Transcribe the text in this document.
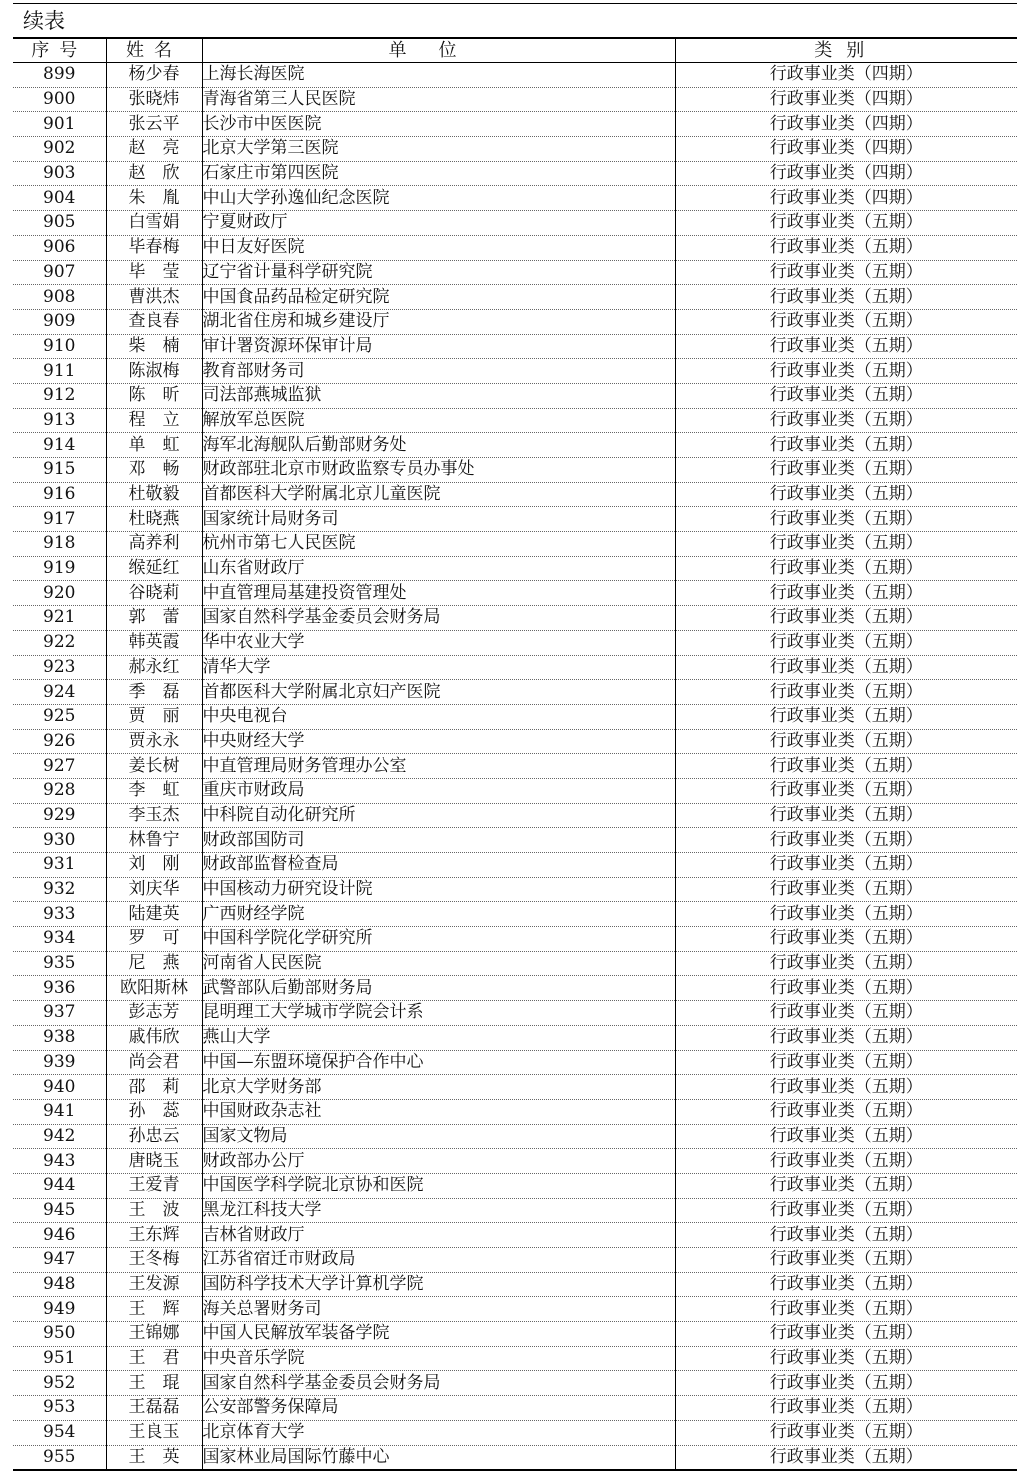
续表
序号	姓名	单位	类别
899	杨少春	上海长海医院	行政事业类（四期）
900	张晓炜	青海省第三人民医院	行政事业类（四期）
901	张云平	长沙市中医医院	行政事业类（四期）
902	赵　亮	北京大学第三医院	行政事业类（四期）
903	赵　欣	石家庄市第四医院	行政事业类（四期）
904	朱　胤	中山大学孙逸仙纪念医院	行政事业类（四期）
905	白雪娟	宁夏财政厅	行政事业类（五期）
906	毕春梅	中日友好医院	行政事业类（五期）
907	毕　莹	辽宁省计量科学研究院	行政事业类（五期）
908	曹洪杰	中国食品药品检定研究院	行政事业类（五期）
909	查良春	湖北省住房和城乡建设厅	行政事业类（五期）
910	柴　楠	审计署资源环保审计局	行政事业类（五期）
911	陈淑梅	教育部财务司	行政事业类（五期）
912	陈　昕	司法部燕城监狱	行政事业类（五期）
913	程　立	解放军总医院	行政事业类（五期）
914	单　虹	海军北海舰队后勤部财务处	行政事业类（五期）
915	邓　畅	财政部驻北京市财政监察专员办事处	行政事业类（五期）
916	杜敬毅	首都医科大学附属北京儿童医院	行政事业类（五期）
917	杜晓燕	国家统计局财务司	行政事业类（五期）
918	高养利	杭州市第七人民医院	行政事业类（五期）
919	缑延红	山东省财政厅	行政事业类（五期）
920	谷晓莉	中直管理局基建投资管理处	行政事业类（五期）
921	郭　蕾	国家自然科学基金委员会财务局	行政事业类（五期）
922	韩英霞	华中农业大学	行政事业类（五期）
923	郝永红	清华大学	行政事业类（五期）
924	季　磊	首都医科大学附属北京妇产医院	行政事业类（五期）
925	贾　丽	中央电视台	行政事业类（五期）
926	贾永永	中央财经大学	行政事业类（五期）
927	姜长树	中直管理局财务管理办公室	行政事业类（五期）
928	李　虹	重庆市财政局	行政事业类（五期）
929	李玉杰	中科院自动化研究所	行政事业类（五期）
930	林鲁宁	财政部国防司	行政事业类（五期）
931	刘　刚	财政部监督检查局	行政事业类（五期）
932	刘庆华	中国核动力研究设计院	行政事业类（五期）
933	陆建英	广西财经学院	行政事业类（五期）
934	罗　可	中国科学院化学研究所	行政事业类（五期）
935	尼　燕	河南省人民医院	行政事业类（五期）
936	欧阳斯林	武警部队后勤部财务局	行政事业类（五期）
937	彭志芳	昆明理工大学城市学院会计系	行政事业类（五期）
938	戚伟欣	燕山大学	行政事业类（五期）
939	尚会君	中国—东盟环境保护合作中心	行政事业类（五期）
940	邵　莉	北京大学财务部	行政事业类（五期）
941	孙　蕊	中国财政杂志社	行政事业类（五期）
942	孙忠云	国家文物局	行政事业类（五期）
943	唐晓玉	财政部办公厅	行政事业类（五期）
944	王爱青	中国医学科学院北京协和医院	行政事业类（五期）
945	王　波	黑龙江科技大学	行政事业类（五期）
946	王东辉	吉林省财政厅	行政事业类（五期）
947	王冬梅	江苏省宿迁市财政局	行政事业类（五期）
948	王发源	国防科学技术大学计算机学院	行政事业类（五期）
949	王　辉	海关总署财务司	行政事业类（五期）
950	王锦娜	中国人民解放军装备学院	行政事业类（五期）
951	王　君	中央音乐学院	行政事业类（五期）
952	王　琨	国家自然科学基金委员会财务局	行政事业类（五期）
953	王磊磊	公安部警务保障局	行政事业类（五期）
954	王良玉	北京体育大学	行政事业类（五期）
955	王　英	国家林业局国际竹藤中心	行政事业类（五期）
